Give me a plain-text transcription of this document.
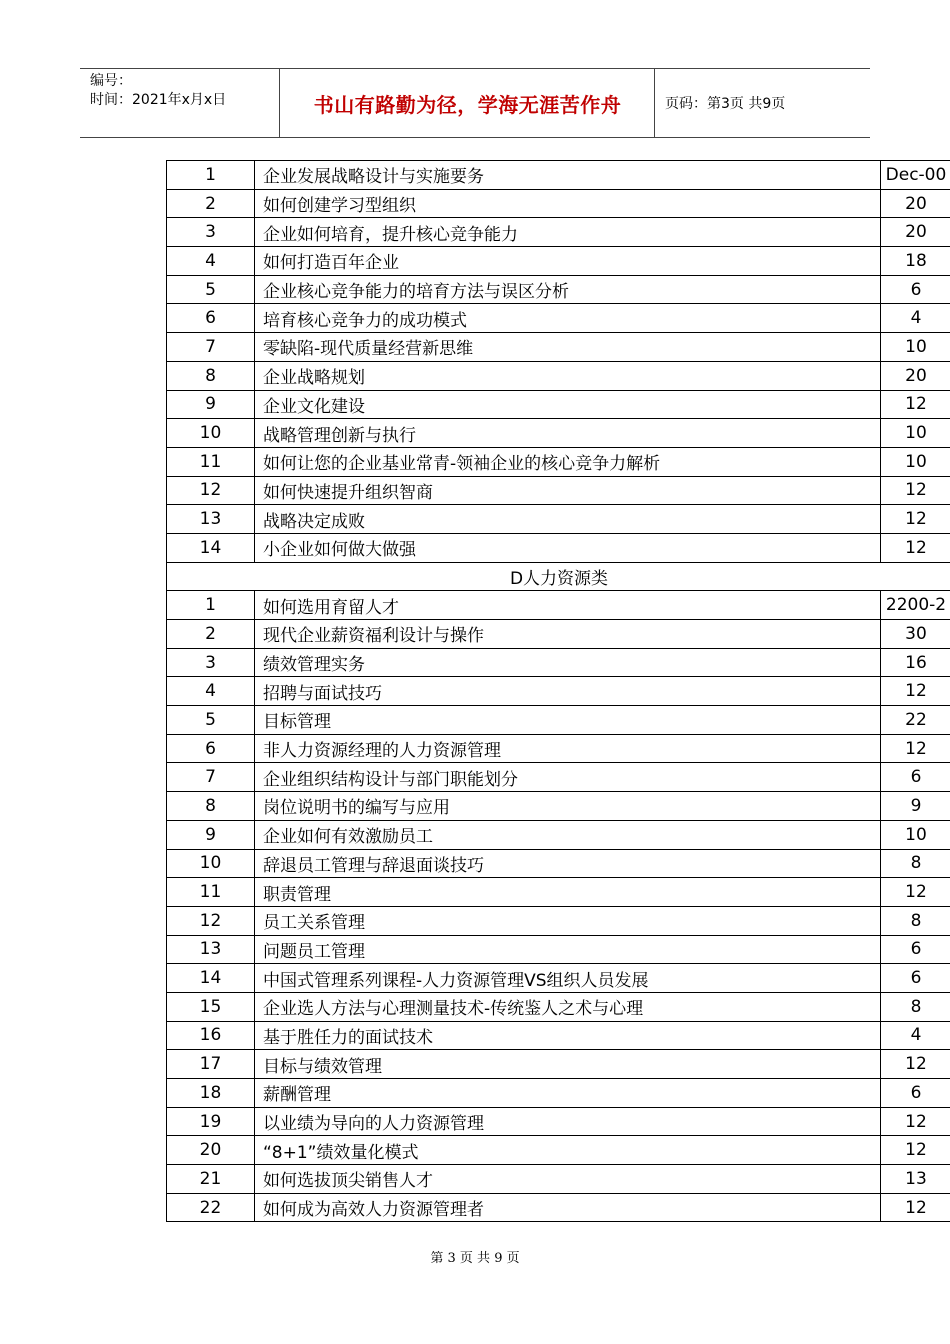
编号：
时间：2021年x月x日	书山有路勤为径，学海无涯苦作舟	页码：第3页 共9页
1	企业发展战略设计与实施要务	Dec-00
2	如何创建学习型组织	20
3	企业如何培育，提升核心竞争能力	20
4	如何打造百年企业	18
5	企业核心竞争能力的培育方法与误区分析	6
6	培育核心竞争力的成功模式	4
7	零缺陷-现代质量经营新思维	10
8	企业战略规划	20
9	企业文化建设	12
10	战略管理创新与执行	10
11	如何让您的企业基业常青-领袖企业的核心竞争力解析	10
12	如何快速提升组织智商	12
13	战略决定成败	12
14	小企业如何做大做强	12
D人力资源类		
1	如何选用育留人才	2200-2
2	现代企业薪资福利设计与操作	30
3	绩效管理实务	16
4	招聘与面试技巧	12
5	目标管理	22
6	非人力资源经理的人力资源管理	12
7	企业组织结构设计与部门职能划分	6
8	岗位说明书的编写与应用	9
9	企业如何有效激励员工	10
10	辞退员工管理与辞退面谈技巧	8
11	职责管理	12
12	员工关系管理	8
13	问题员工管理	6
14	中国式管理系列课程-人力资源管理VS组织人员发展	6
15	企业选人方法与心理测量技术-传统鉴人之术与心理	8
16	基于胜任力的面试技术	4
17	目标与绩效管理	12
18	薪酬管理	6
19	以业绩为导向的人力资源管理	12
20	“8+1”绩效量化模式	12
21	如何选拔顶尖销售人才	13
22	如何成为高效人力资源管理者	12
第 3 页 共 9 页
